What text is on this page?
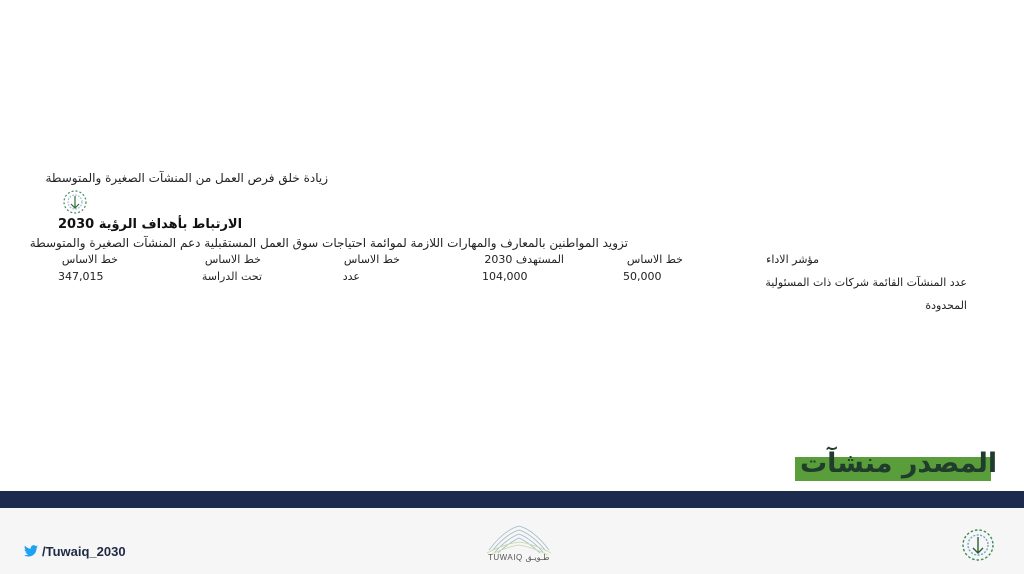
زيادة خلق فرص العمل من المنشآت الصغيرة والمتوسطة
الارتباط بأهداف الرؤية 2030
تزويد المواطنين بالمعارف والمهارات اللازمة لموائمة احتياجات سوق العمل المستقبلية دعم المنشآت الصغيرة والمتوسطة
مؤشر الاداء
خط الاساس
المستهدف 2030
خط الاساس
خط الاساس
خط الاساس
عدد المنشآت القائمة شركات ذات المسئولية المحدودة
50,000
104,000
عدد
تحت الدراسة
347,015
المصدر منشآت
/Tuwaiq_2030	TUWAIQ طـويـق
